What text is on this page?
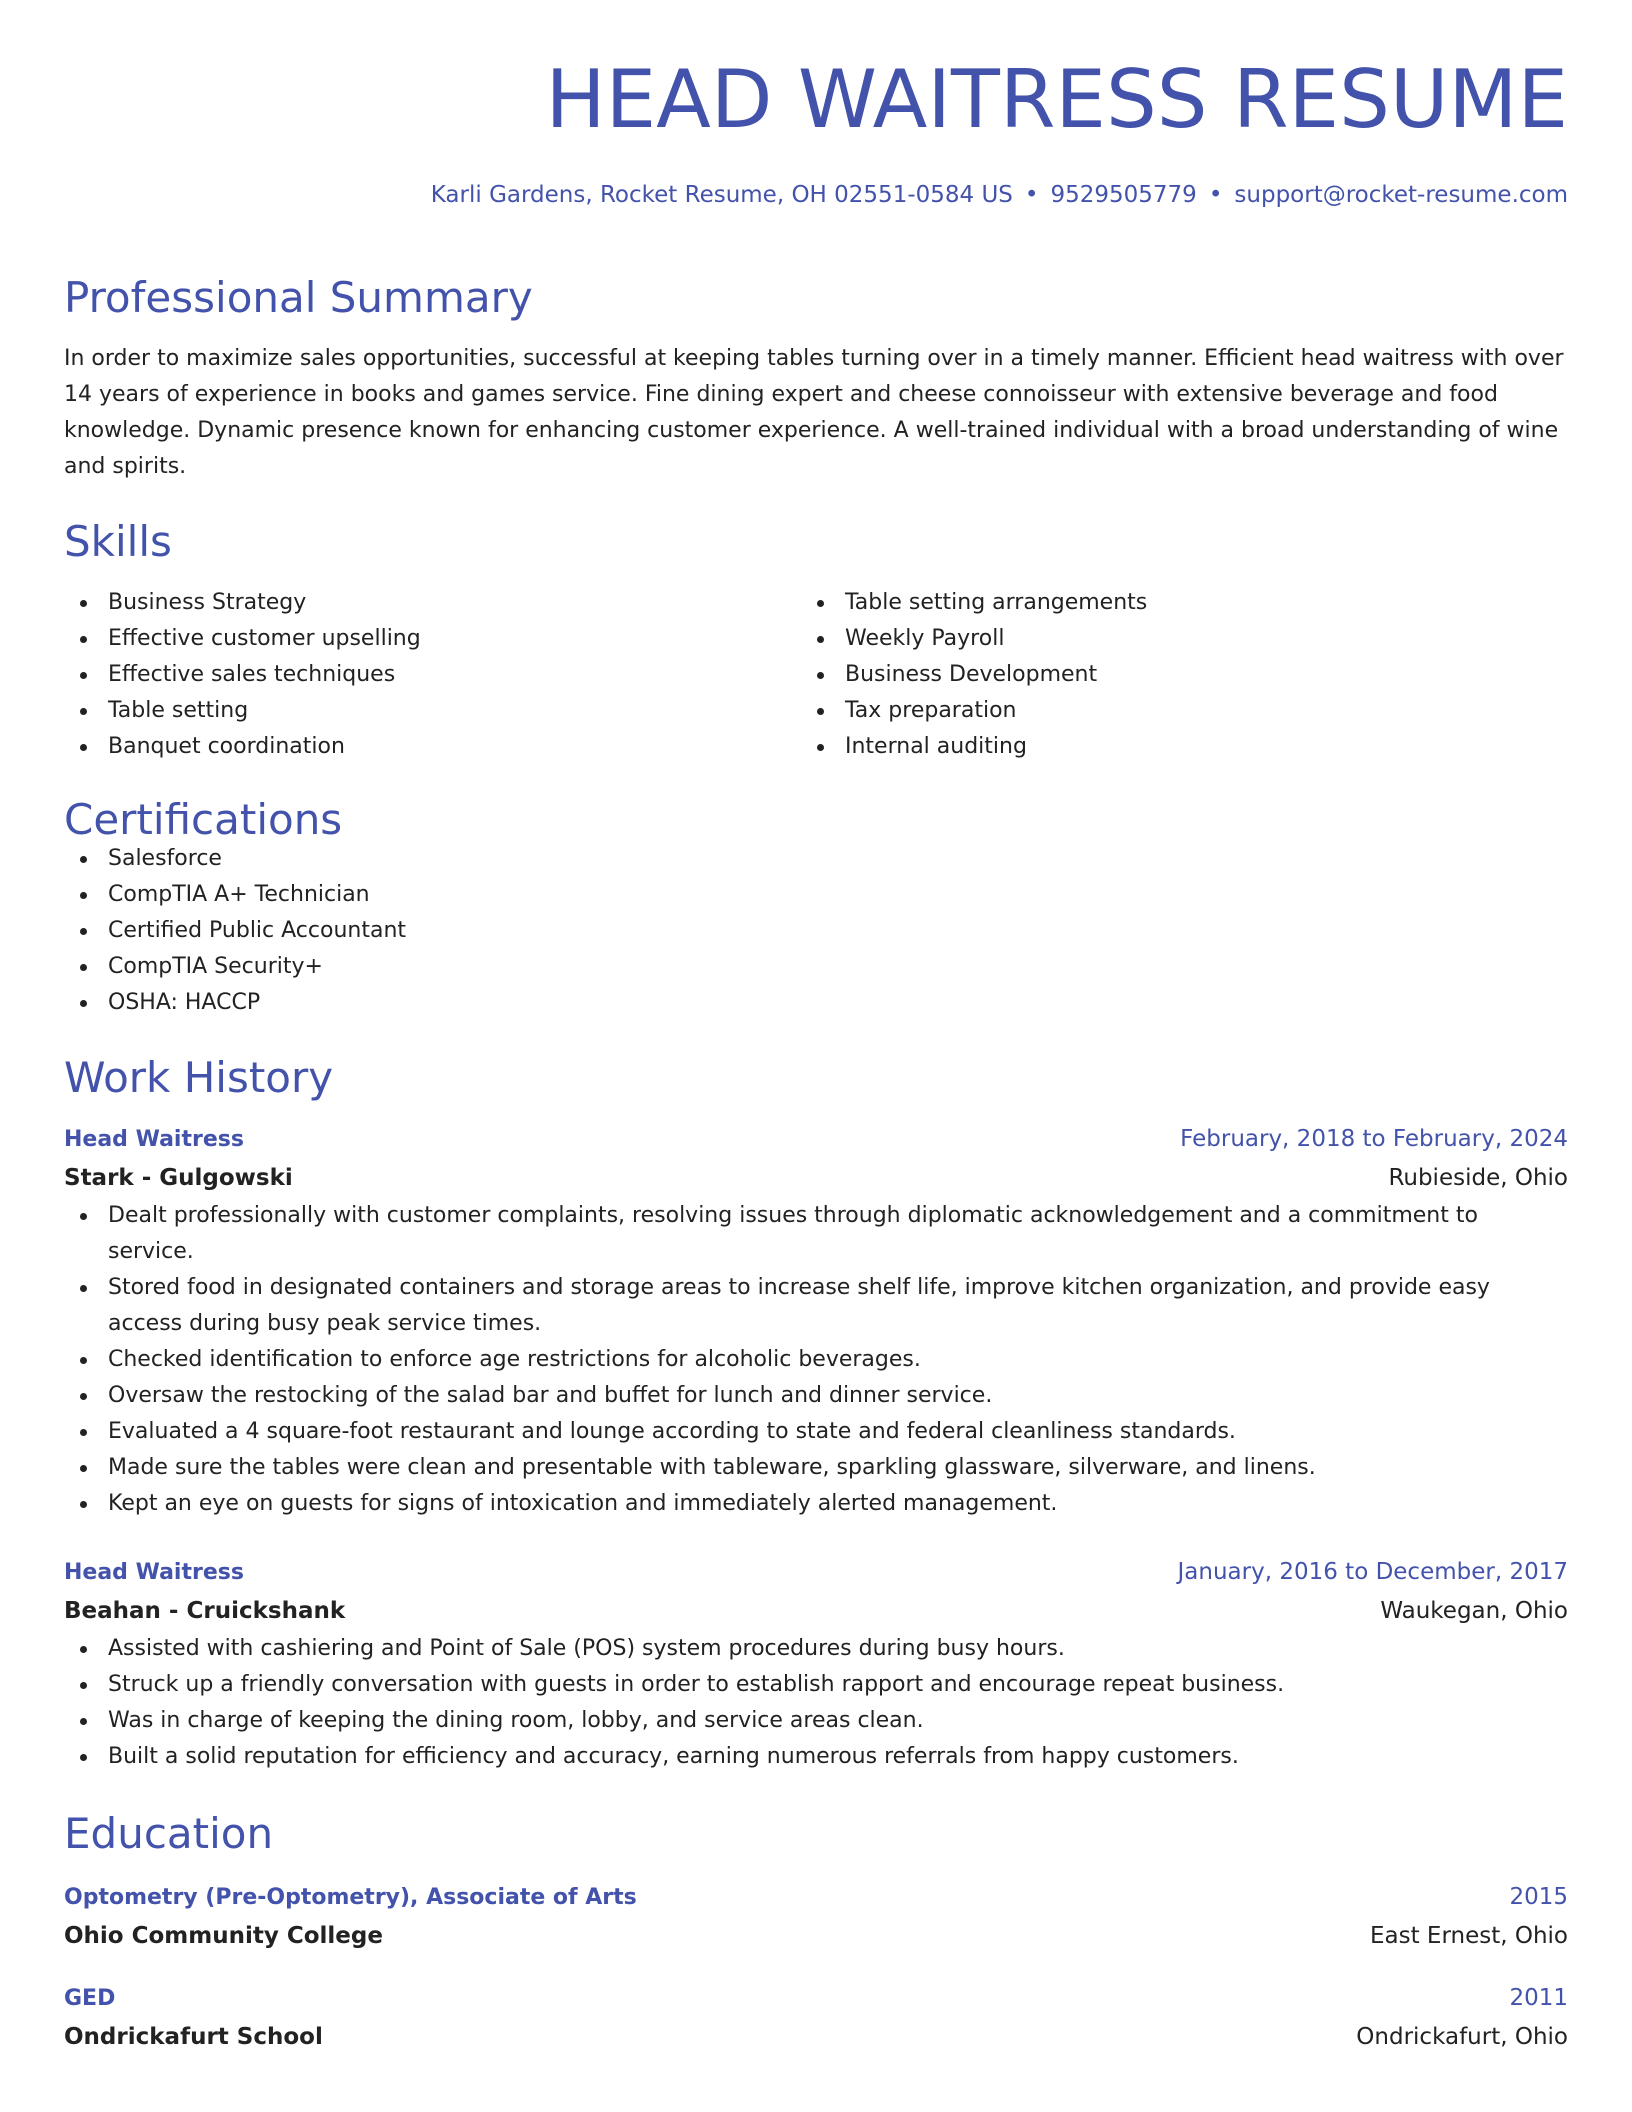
HEAD WAITRESS RESUME
Karli Gardens, Rocket Resume, OH 02551-0584 US • 9529505779 • support@rocket-resume.com
Professional Summary

In order to maximize sales opportunities, successful at keeping tables turning over in a timely manner. Efficient head waitress with over 14 years of experience in books and games service. Fine dining expert and cheese connoisseur with extensive beverage and food knowledge. Dynamic presence known for enhancing customer experience. A well-trained individual with a broad understanding of wine and spirits.

Skills
Business Strategy
Effective customer upselling
Effective sales techniques
Table setting
Banquet coordination
Table setting arrangements
Weekly Payroll
Business Development
Tax preparation
Internal auditing
Certifications
Salesforce
CompTIA A+ Technician
Certified Public Accountant
CompTIA Security+
OSHA: HACCP
Work History
Head Waitress	February, 2018 to February, 2024
Stark - Gulgowski	Rubieside, Ohio
Dealt professionally with customer complaints, resolving issues through diplomatic acknowledgement and a commitment to service.
Stored food in designated containers and storage areas to increase shelf life, improve kitchen organization, and provide easy access during busy peak service times.
Checked identification to enforce age restrictions for alcoholic beverages.
Oversaw the restocking of the salad bar and buffet for lunch and dinner service.
Evaluated a 4 square-foot restaurant and lounge according to state and federal cleanliness standards.
Made sure the tables were clean and presentable with tableware, sparkling glassware, silverware, and linens.
Kept an eye on guests for signs of intoxication and immediately alerted management.
Head Waitress	January, 2016 to December, 2017
Beahan - Cruickshank	Waukegan, Ohio
Assisted with cashiering and Point of Sale (POS) system procedures during busy hours.
Struck up a friendly conversation with guests in order to establish rapport and encourage repeat business.
Was in charge of keeping the dining room, lobby, and service areas clean.
Built a solid reputation for efficiency and accuracy, earning numerous referrals from happy customers.
Education
Optometry (Pre-Optometry), Associate of Arts	2015
Ohio Community College	East Ernest, Ohio
GED	2011
Ondrickafurt School	Ondrickafurt, Ohio
